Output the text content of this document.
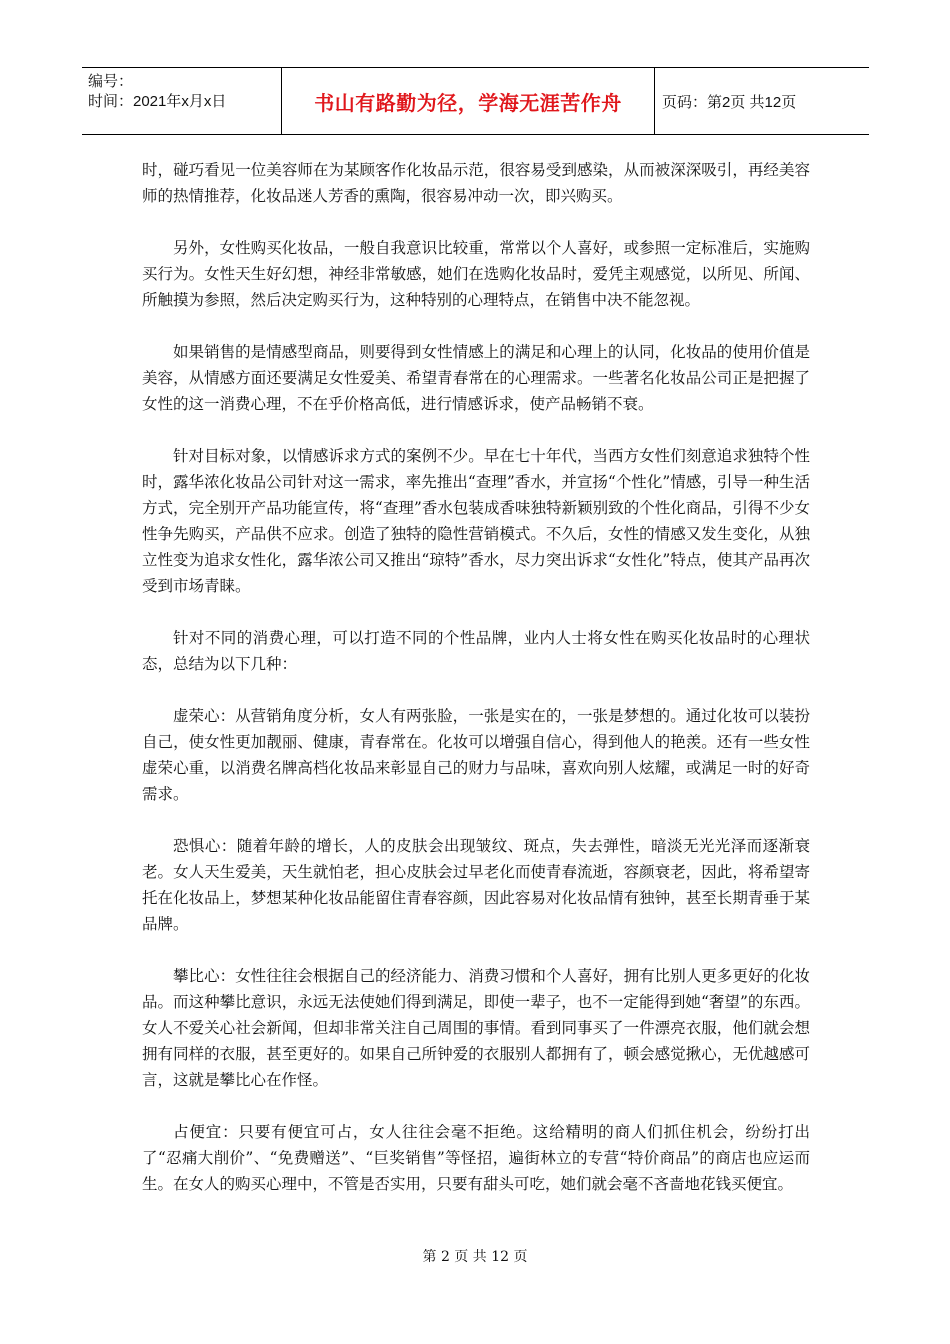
编号：
时间：2021年x月x日	书山有路勤为径，学海无涯苦作舟	页码：第2页 共12页

时，碰巧看见一位美容师在为某顾客作化妆品示范，很容易受到感染，从而被深深吸引，再经美容师的热情推荐，化妆品迷人芳香的熏陶，很容易冲动一次，即兴购买。

另外，女性购买化妆品，一般自我意识比较重，常常以个人喜好，或参照一定标准后，实施购买行为。女性天生好幻想，神经非常敏感，她们在选购化妆品时，爱凭主观感觉，以所见、所闻、所触摸为参照，然后决定购买行为，这种特别的心理特点，在销售中决不能忽视。

如果销售的是情感型商品，则要得到女性情感上的满足和心理上的认同，化妆品的使用价值是美容，从情感方面还要满足女性爱美、希望青春常在的心理需求。一些著名化妆品公司正是把握了女性的这一消费心理，不在乎价格高低，进行情感诉求，使产品畅销不衰。

针对目标对象，以情感诉求方式的案例不少。早在七十年代，当西方女性们刻意追求独特个性时，露华浓化妆品公司针对这一需求，率先推出“查理”香水，并宣扬“个性化”情感，引导一种生活方式，完全别开产品功能宣传，将“查理”香水包装成香味独特新颖别致的个性化商品，引得不少女性争先购买，产品供不应求。创造了独特的隐性营销模式。不久后，女性的情感又发生变化，从独立性变为追求女性化，露华浓公司又推出“琼特”香水，尽力突出诉求“女性化”特点，使其产品再次受到市场青睐。

针对不同的消费心理，可以打造不同的个性品牌，业内人士将女性在购买化妆品时的心理状态，总结为以下几种：

虚荣心：从营销角度分析，女人有两张脸，一张是实在的，一张是梦想的。通过化妆可以装扮自己，使女性更加靓丽、健康，青春常在。化妆可以增强自信心，得到他人的艳羡。还有一些女性虚荣心重，以消费名牌高档化妆品来彰显自己的财力与品味，喜欢向别人炫耀，或满足一时的好奇需求。

恐惧心：随着年龄的增长，人的皮肤会出现皱纹、斑点，失去弹性，暗淡无光光泽而逐渐衰老。女人天生爱美，天生就怕老，担心皮肤会过早老化而使青春流逝，容颜衰老，因此，将希望寄托在化妆品上，梦想某种化妆品能留住青春容颜，因此容易对化妆品情有独钟，甚至长期青垂于某品牌。

攀比心：女性往往会根据自己的经济能力、消费习惯和个人喜好，拥有比别人更多更好的化妆品。而这种攀比意识，永远无法使她们得到满足，即使一辈子，也不一定能得到她“奢望”的东西。女人不爱关心社会新闻，但却非常关注自己周围的事情。看到同事买了一件漂亮衣服，他们就会想拥有同样的衣服，甚至更好的。如果自己所钟爱的衣服别人都拥有了，顿会感觉揪心，无优越感可言，这就是攀比心在作怪。

占便宜：只要有便宜可占，女人往往会毫不拒绝。这给精明的商人们抓住机会，纷纷打出了“忍痛大削价”、“免费赠送”、“巨奖销售”等怪招，遍街林立的专营“特价商品”的商店也应运而生。在女人的购买心理中，不管是否实用，只要有甜头可吃，她们就会毫不吝啬地花钱买便宜。

第 2 页 共 12 页
